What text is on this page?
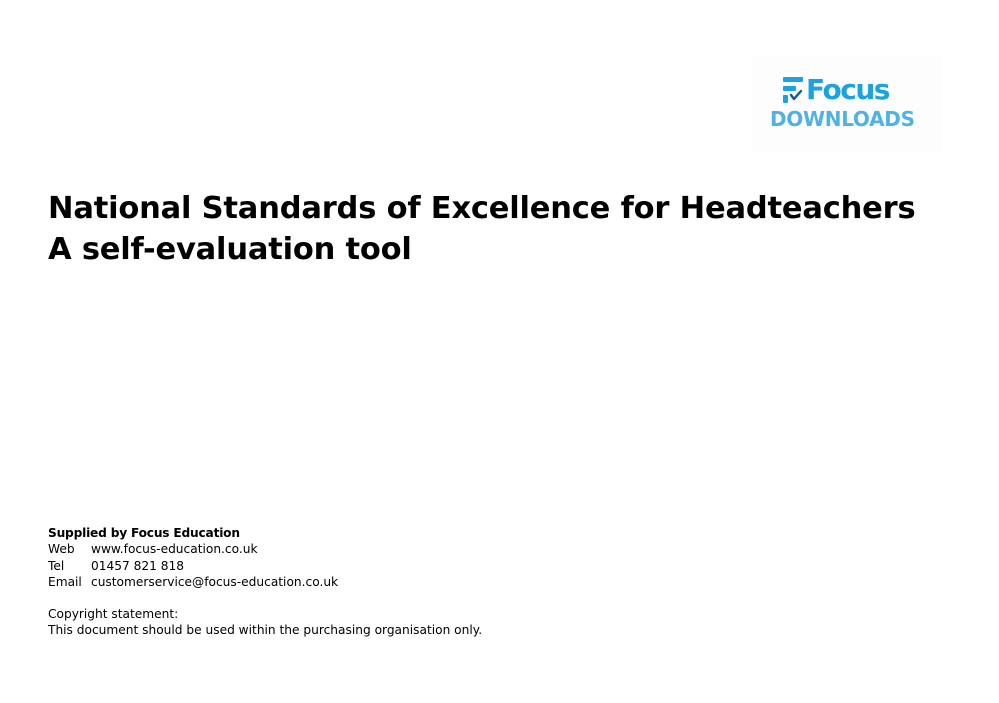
Focus
DOWNLOADS
National Standards of Excellence for Headteachers
A self-evaluation tool
Supplied by Focus Education
Web	www.focus-education.co.uk
Tel	01457 821 818
Email customerservice@focus-education.co.uk
Copyright statement:
This document should be used within the purchasing organisation only.
